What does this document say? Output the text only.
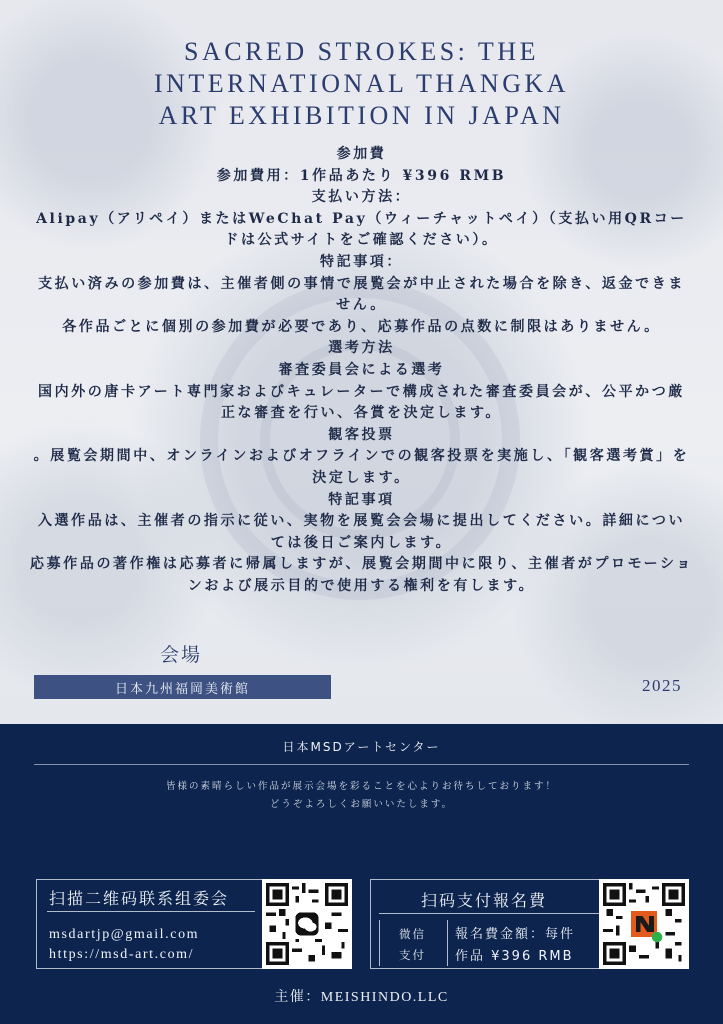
SACRED STROKES: THE
INTERNATIONAL THANGKA
ART EXHIBITION IN JAPAN

参加費

参加費用：1作品あたり ¥396 RMB

支払い方法：

Alipay（アリペイ）またはWeChat Pay（ウィーチャットペイ）（支払い用QRコードは公式サイトをご確認ください）。

特記事項：

支払い済みの参加費は、主催者側の事情で展覧会が中止された場合を除き、返金できません。

各作品ごとに個別の参加費が必要であり、応募作品の点数に制限はありません。

選考方法

審査委員会による選考

国内外の唐卡アート専門家およびキュレーターで構成された審査委員会が、公平かつ厳正な審査を行い、各賞を決定します。

観客投票

。展覧会期間中、オンラインおよびオフラインでの観客投票を実施し、「観客選考賞」を決定します。

特記事項

入選作品は、主催者の指示に従い、実物を展覧会会場に提出してください。詳細については後日ご案内します。

応募作品の著作権は応募者に帰属しますが、展覧会期間中に限り、主催者がプロモーションおよび展示目的で使用する権利を有します。

会場
日本九州福岡美術館	2025
日本MSDアートセンター
皆様の素晴らしい作品が展示会場を彩ることを心よりお待ちしております！
どうぞよろしくお願いいたします。
扫描二维码联系组委会
msdartjp@gmail.com
https://msd-art.com/
扫码支付報名費
微信
支付
報名費金額：每件
作品 ¥396 RMB
主催：MEISHINDO.LLC
